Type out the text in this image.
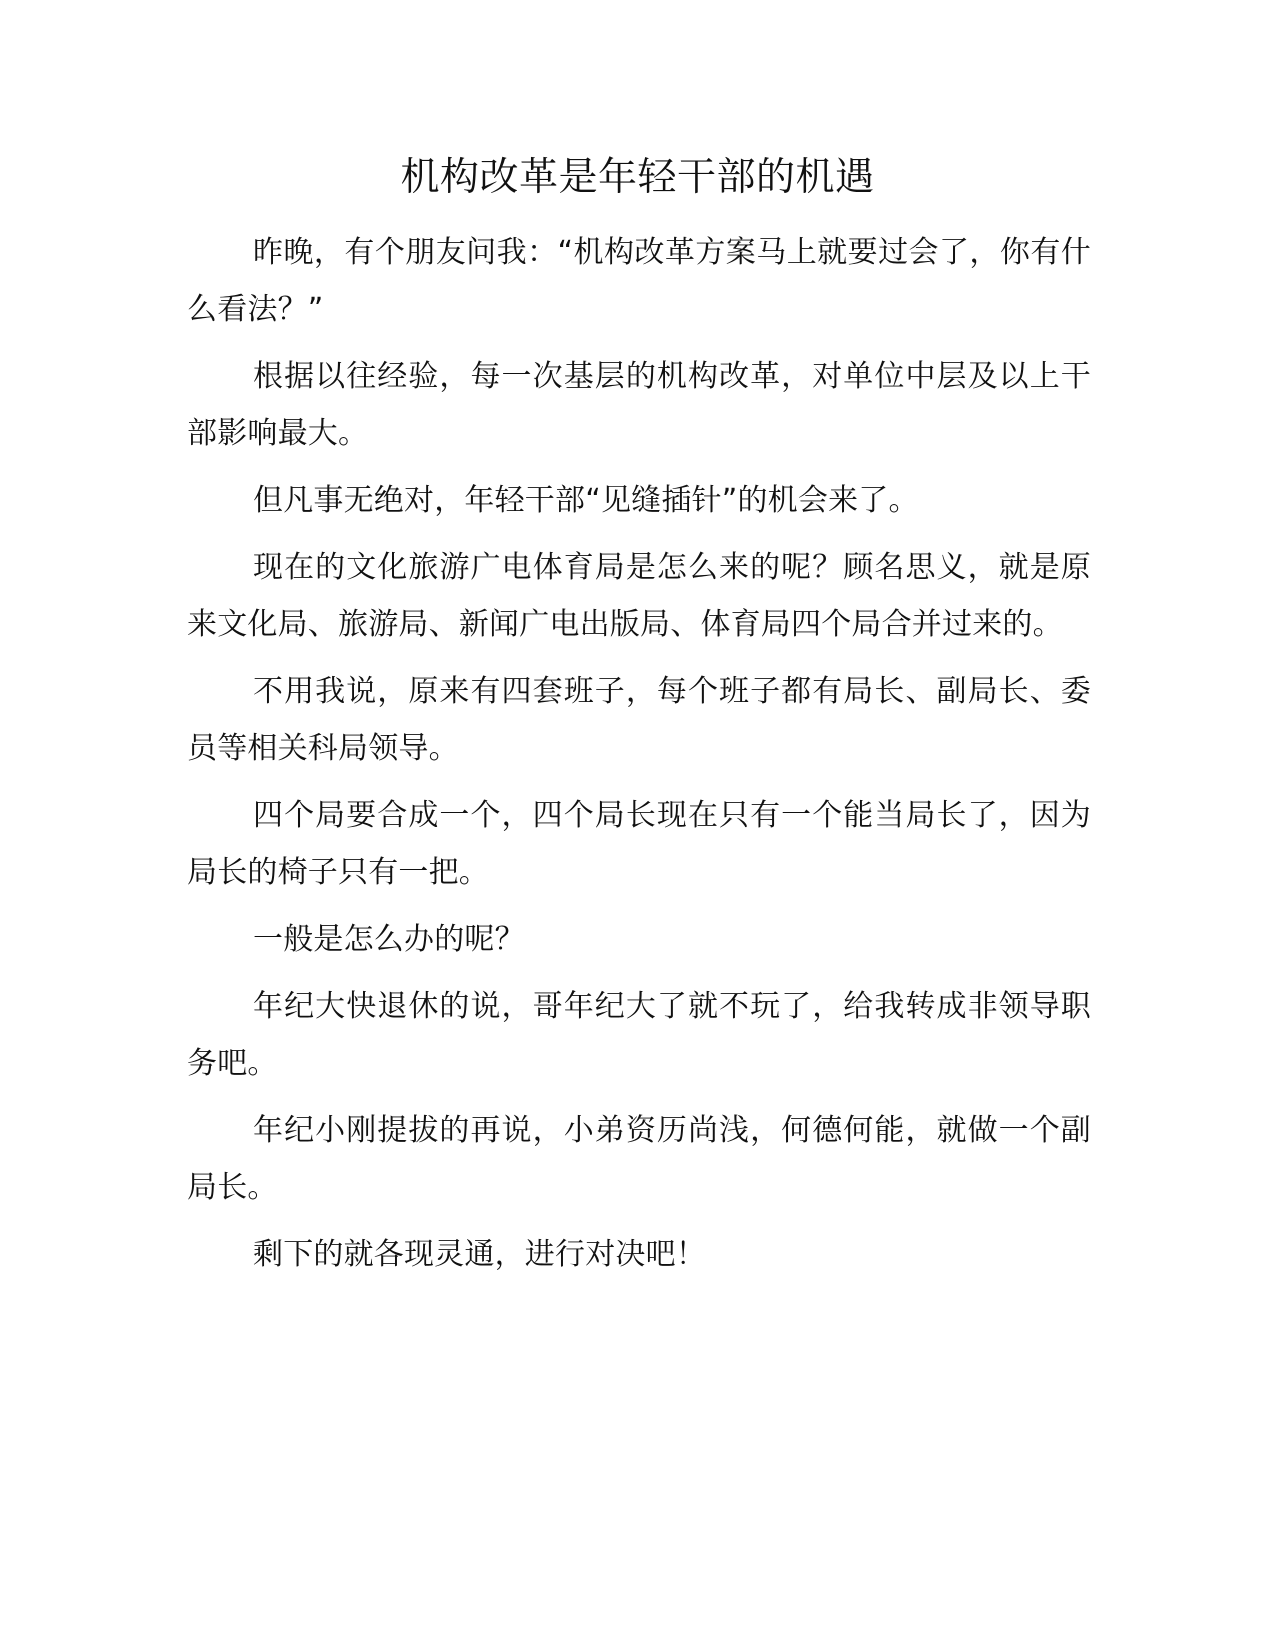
机构改革是年轻干部的机遇

昨晚，有个朋友问我：“机构改革方案马上就要过会了，你有什么看法？”

根据以往经验，每一次基层的机构改革，对单位中层及以上干部影响最大。

但凡事无绝对，年轻干部“见缝插针”的机会来了。

现在的文化旅游广电体育局是怎么来的呢？顾名思义，就是原来文化局、旅游局、新闻广电出版局、体育局四个局合并过来的。

不用我说，原来有四套班子，每个班子都有局长、副局长、委员等相关科局领导。

四个局要合成一个，四个局长现在只有一个能当局长了，因为局长的椅子只有一把。

一般是怎么办的呢？

年纪大快退休的说，哥年纪大了就不玩了，给我转成非领导职务吧。

年纪小刚提拔的再说，小弟资历尚浅，何德何能，就做一个副局长。

剩下的就各现灵通，进行对决吧！
